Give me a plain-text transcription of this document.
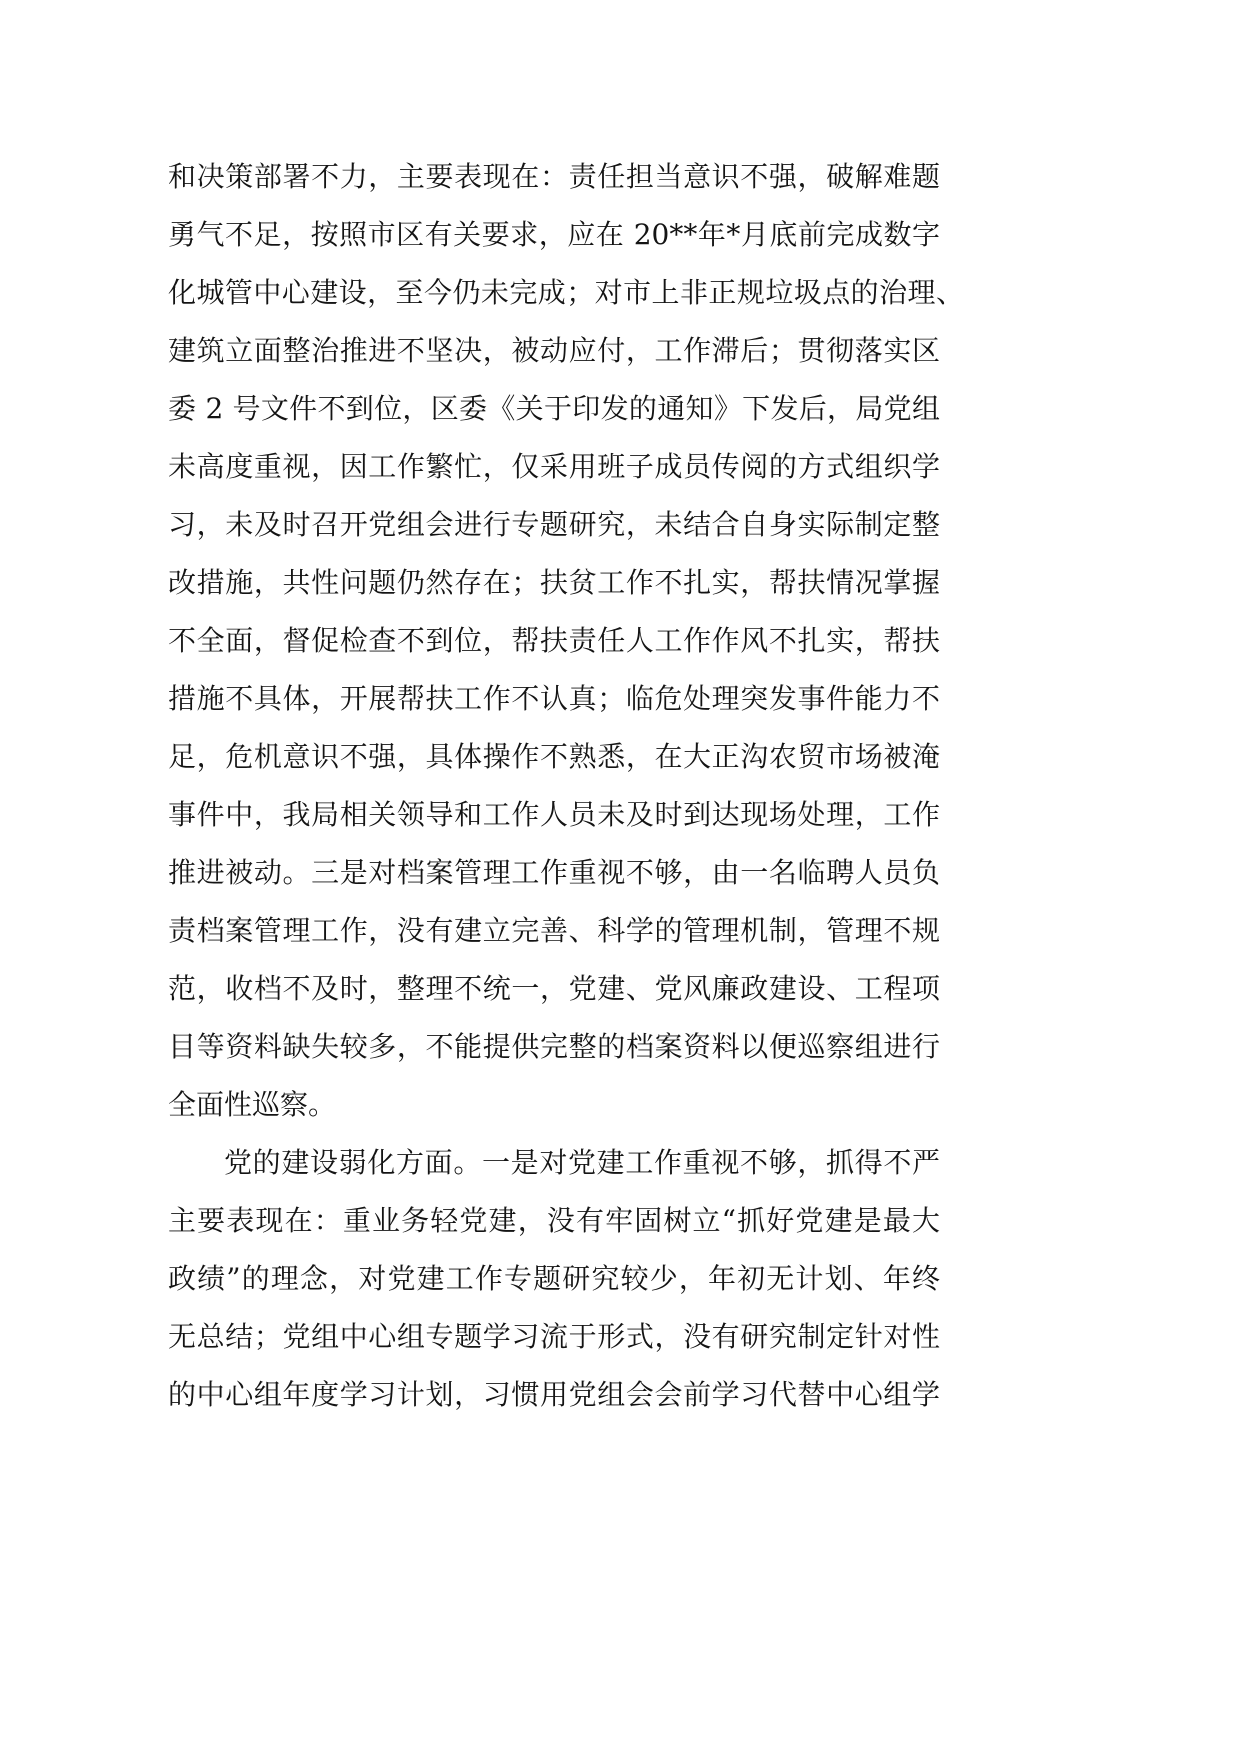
和决策部署不力，主要表现在：责任担当意识不强，破解难题
勇气不足，按照市区有关要求，应在 20**年*月底前完成数字
化城管中心建设，至今仍未完成；对市上非正规垃圾点的治理、
建筑立面整治推进不坚决，被动应付，工作滞后；贯彻落实区
委 2 号文件不到位，区委《关于印发的通知》下发后，局党组
未高度重视，因工作繁忙，仅采用班子成员传阅的方式组织学
习，未及时召开党组会进行专题研究，未结合自身实际制定整
改措施，共性问题仍然存在；扶贫工作不扎实，帮扶情况掌握
不全面，督促检查不到位，帮扶责任人工作作风不扎实，帮扶
措施不具体，开展帮扶工作不认真；临危处理突发事件能力不
足，危机意识不强，具体操作不熟悉，在大正沟农贸市场被淹
事件中，我局相关领导和工作人员未及时到达现场处理，工作
推进被动。三是对档案管理工作重视不够，由一名临聘人员负
责档案管理工作，没有建立完善、科学的管理机制，管理不规
范，收档不及时，整理不统一，党建、党风廉政建设、工程项
目等资料缺失较多，不能提供完整的档案资料以便巡察组进行
全面性巡察。
党的建设弱化方面。一是对党建工作重视不够，抓得不严
主要表现在：重业务轻党建，没有牢固树立“抓好党建是最大
政绩”的理念，对党建工作专题研究较少，年初无计划、年终
无总结；党组中心组专题学习流于形式，没有研究制定针对性
的中心组年度学习计划，习惯用党组会会前学习代替中心组学
